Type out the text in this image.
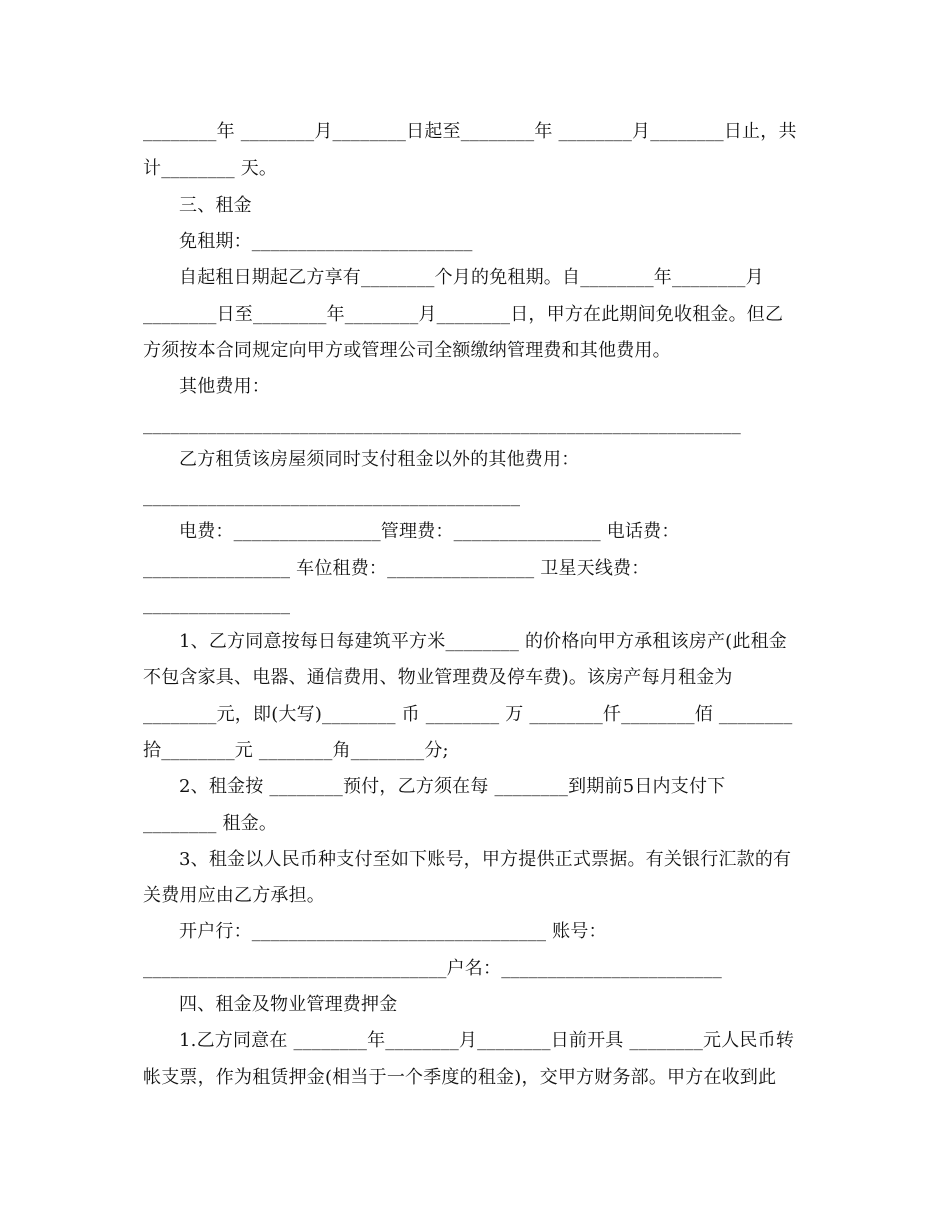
________年 ________月________日起至________年 ________月________日止，共
计________ 天。
三、租金
免租期：________________________
自起租日期起乙方享有________个月的免租期。自________年________月
________日至________年________月________日，甲方在此期间免收租金。但乙
方须按本合同规定向甲方或管理公司全额缴纳管理费和其他费用。
其他费用：
_________________________________________________________________
乙方租赁该房屋须同时支付租金以外的其他费用：
_________________________________________
电费：________________管理费：________________ 电话费：
________________ 车位租费：________________ 卫星天线费：
________________
1、乙方同意按每日每建筑平方米________ 的价格向甲方承租该房产(此租金
不包含家具、电器、通信费用、物业管理费及停车费)。该房产每月租金为
________元，即(大写)________ 币 ________ 万 ________仟________佰 ________
拾________元 ________角________分;
2、租金按 ________预付，乙方须在每 ________到期前5日内支付下
________ 租金。
3、租金以人民币种支付至如下账号，甲方提供正式票据。有关银行汇款的有
关费用应由乙方承担。
开户行：________________________________ 账号：
_________________________________户名：________________________
四、租金及物业管理费押金
1.乙方同意在 ________年________月________日前开具 ________元人民币转
帐支票，作为租赁押金(相当于一个季度的租金)，交甲方财务部。甲方在收到此
